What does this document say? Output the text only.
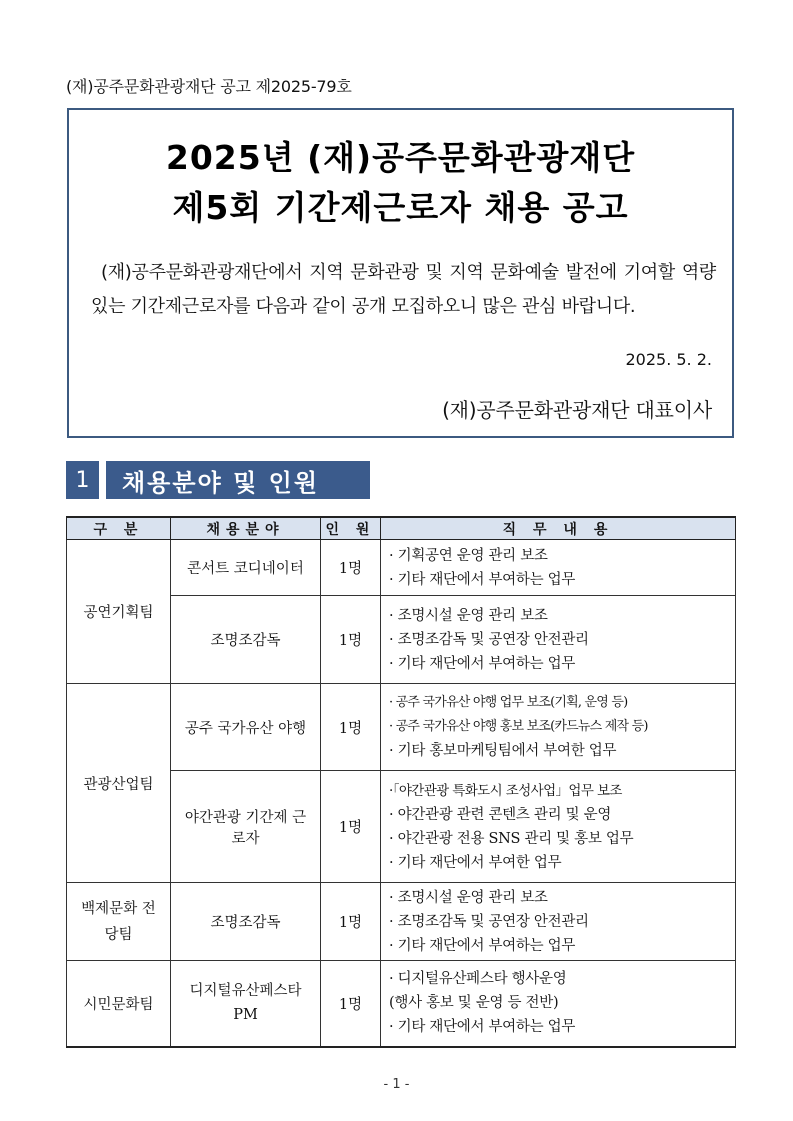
(재)공주문화관광재단 공고 제2025-79호
2025년 (재)공주문화관광재단
제5회 기간제근로자 채용 공고
(재)공주문화관광재단에서 지역 문화관광 및 지역 문화예술 발전에 기여할 역량있는 기간제근로자를 다음과 같이 공개 모집하오니 많은 관심 바랍니다.
2025. 5. 2.
(재)공주문화관광재단 대표이사
1	채용분야 및 인원
구 분	채용분야	인 원	직 무 내 용
공연기획팀	콘서트 코디네이터	1명	· 기획공연 운영 관리 보조
· 기타 재단에서 부여하는 업무

	조명조감독	1명	· 조명시설 운영 관리 보조
· 조명조감독 및 공연장 안전관리
· 기타 재단에서 부여하는 업무

관광산업팀	공주 국가유산 야행	1명	· 공주 국가유산 야행 업무 보조(기획, 운영 등)
· 공주 국가유산 야행 홍보 보조(카드뉴스 제작 등)
· 기타 홍보마케팅팀에서 부여한 업무

	야간관광 기간제 근로자	1명	·「야간관광 특화도시 조성사업」업무 보조
· 야간관광 관련 콘텐츠 관리 및 운영
· 야간관광 전용 SNS 관리 및 홍보 업무
· 기타 재단에서 부여한 업무

백제문화 전당팀	조명조감독	1명	· 조명시설 운영 관리 보조
· 조명조감독 및 공연장 안전관리
· 기타 재단에서 부여하는 업무

시민문화팀	디지털유산페스타 PM	1명	· 디지털유산페스타 행사운영
(행사 홍보 및 운영 등 전반)
· 기타 재단에서 부여하는 업무
- 1 -
